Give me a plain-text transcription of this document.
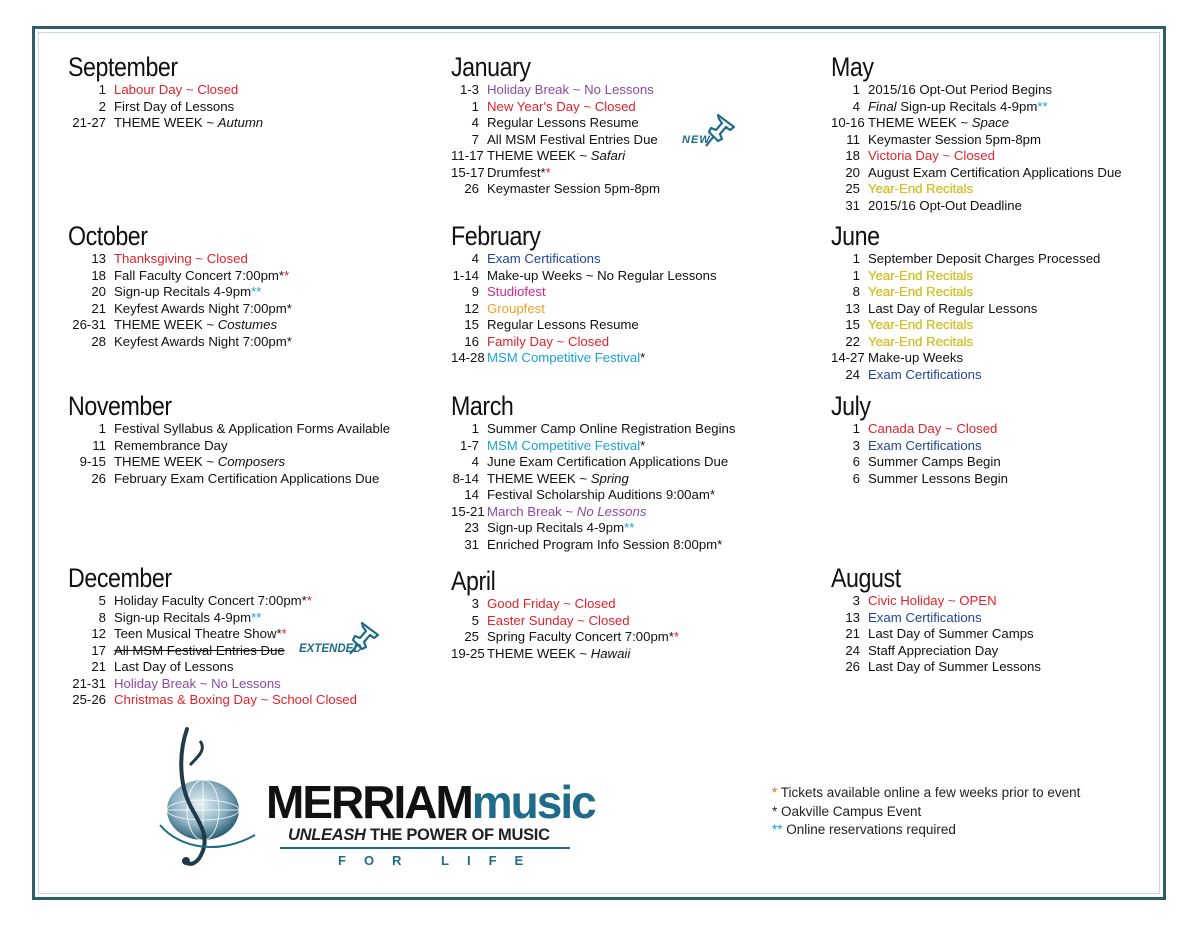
September
1 Labour Day ~ Closed
2 First Day of Lessons
21-27 THEME WEEK ~ Autumn
October
13 Thanksgiving ~ Closed
18 Fall Faculty Concert 7:00pm**
20 Sign-up Recitals 4-9pm**
21 Keyfest Awards Night 7:00pm*
26-31 THEME WEEK ~ Costumes
28 Keyfest Awards Night 7:00pm*
November
1 Festival Syllabus & Application Forms Available
11 Remembrance Day
9-15 THEME WEEK ~ Composers
26 February Exam Certification Applications Due
December
5 Holiday Faculty Concert 7:00pm**
8 Sign-up Recitals 4-9pm**
12 Teen Musical Theatre Show**
17 All MSM Festival Entries Due
21 Last Day of Lessons
21-31 Holiday Break ~ No Lessons
25-26 Christmas & Boxing Day ~ School Closed
January
1-3 Holiday Break ~ No Lessons
1 New Year's Day ~ Closed
4 Regular Lessons Resume
7 All MSM Festival Entries Due
11-17 THEME WEEK ~ Safari
15-17 Drumfest**
26 Keymaster Session 5pm-8pm
February
4 Exam Certifications
1-14 Make-up Weeks ~ No Regular Lessons
9 Studiofest
12 Groupfest
15 Regular Lessons Resume
16 Family Day ~ Closed
14-28 MSM Competitive Festival*
March
1 Summer Camp Online Registration Begins
1-7 MSM Competitive Festival*
4 June Exam Certification Applications Due
8-14 THEME WEEK ~ Spring
14 Festival Scholarship Auditions 9:00am*
15-21 March Break ~ No Lessons
23 Sign-up Recitals 4-9pm**
31 Enriched Program Info Session 8:00pm*
April
3 Good Friday ~ Closed
5 Easter Sunday ~ Closed
25 Spring Faculty Concert 7:00pm**
19-25 THEME WEEK ~ Hawaii
May
1 2015/16 Opt-Out Period Begins
4 Final Sign-up Recitals 4-9pm**
10-16 THEME WEEK ~ Space
11 Keymaster Session 5pm-8pm
18 Victoria Day ~ Closed
20 August Exam Certification Applications Due
25 Year-End Recitals
31 2015/16 Opt-Out Deadline
June
1 September Deposit Charges Processed
1 Year-End Recitals
8 Year-End Recitals
13 Last Day of Regular Lessons
15 Year-End Recitals
22 Year-End Recitals
14-27 Make-up Weeks
24 Exam Certifications
July
1 Canada Day ~ Closed
3 Exam Certifications
6 Summer Camps Begin
6 Summer Lessons Begin
August
3 Civic Holiday ~ OPEN
13 Exam Certifications
21 Last Day of Summer Camps
24 Staff Appreciation Day
26 Last Day of Summer Lessons
NEW
EXTENDED
MERRIAMmusic
UNLEASH THE POWER OF MUSIC
FOR LIFE
* Tickets available online a few weeks prior to event
* Oakville Campus Event
** Online reservations required
